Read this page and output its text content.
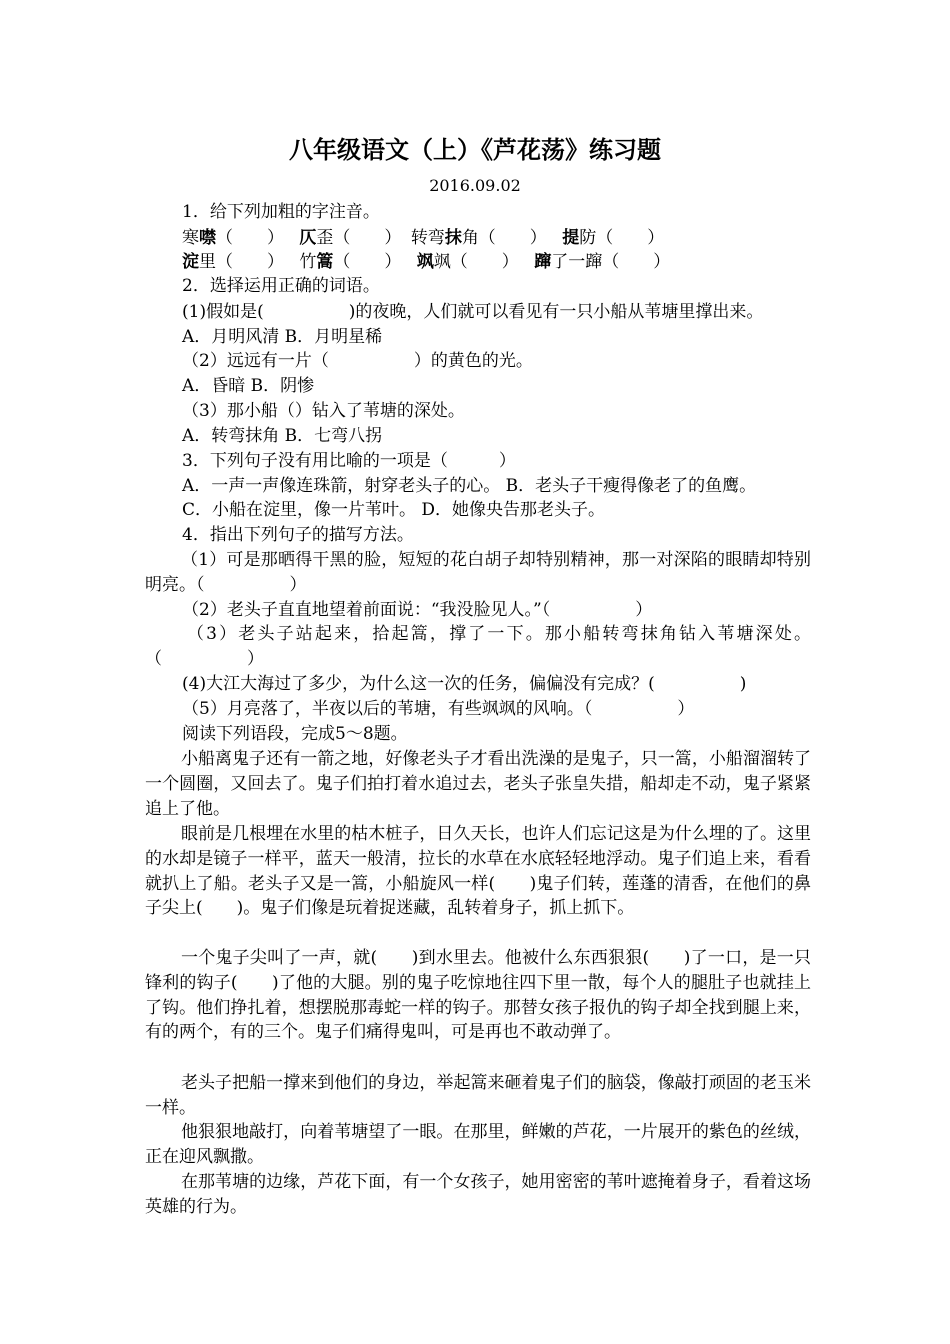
八年级语文（上）《芦花荡》练习题
2016.09.02
1．给下列加粗的字注音。
寒噤（　　） 仄歪（　　） 转弯抹角（　　） 提防（　　）
淀里（　　） 竹篙（　　） 飒飒（　　） 蹿了一蹿（　　）
2．选择运用正确的词语。
(1)假如是(　　　　　)的夜晚，人们就可以看见有一只小船从苇塘里撑出来。
A．月明风清 B．月明星稀
（2）远远有一片（　　　　　）的黄色的光。
A．昏暗 B．阴惨
（3）那小船（）钻入了苇塘的深处。
A．转弯抹角 B．七弯八拐
3．下列句子没有用比喻的一项是（　　　）
A．一声一声像连珠箭，射穿老头子的心。 B．老头子干瘦得像老了的鱼鹰。
C．小船在淀里，像一片苇叶。 D．她像央告那老头子。
4．指出下列句子的描写方法。
（1）可是那晒得干黑的脸，短短的花白胡子却特别精神，那一对深陷的眼睛却特别明亮。（　　　　　）
（2）老头子直直地望着前面说：“我没脸见人。”（　　　　　）
（3）老头子站起来，拾起篙，撑了一下。那小船转弯抹角钻入苇塘深处。（　　　　　）
(4)大江大海过了多少，为什么这一次的任务，偏偏没有完成？(　　　　　)
（5）月亮落了，半夜以后的苇塘，有些飒飒的风响。（　　　　　）
阅读下列语段，完成5～8题。
小船离鬼子还有一箭之地，好像老头子才看出洗澡的是鬼子，只一篙，小船溜溜转了一个圆圈，又回去了。鬼子们拍打着水追过去，老头子张皇失措，船却走不动，鬼子紧紧追上了他。
眼前是几根埋在水里的枯木桩子，日久天长，也许人们忘记这是为什么埋的了。这里的水却是镜子一样平，蓝天一般清，拉长的水草在水底轻轻地浮动。鬼子们追上来，看看就扒上了船。老头子又是一篙，小船旋风一样(　　)鬼子们转，莲蓬的清香，在他们的鼻子尖上(　　)。鬼子们像是玩着捉迷藏，乱转着身子，抓上抓下。
一个鬼子尖叫了一声，就(　　)到水里去。他被什么东西狠狠(　　)了一口，是一只锋利的钩子(　　)了他的大腿。别的鬼子吃惊地往四下里一散，每个人的腿肚子也就挂上了钩。他们挣扎着，想摆脱那毒蛇一样的钩子。那替女孩子报仇的钩子却全找到腿上来，有的两个，有的三个。鬼子们痛得鬼叫，可是再也不敢动弹了。
老头子把船一撑来到他们的身边，举起篙来砸着鬼子们的脑袋，像敲打顽固的老玉米一样。
他狠狠地敲打，向着苇塘望了一眼。在那里，鲜嫩的芦花，一片展开的紫色的丝绒，正在迎风飘撒。
在那苇塘的边缘，芦花下面，有一个女孩子，她用密密的苇叶遮掩着身子，看着这场英雄的行为。
